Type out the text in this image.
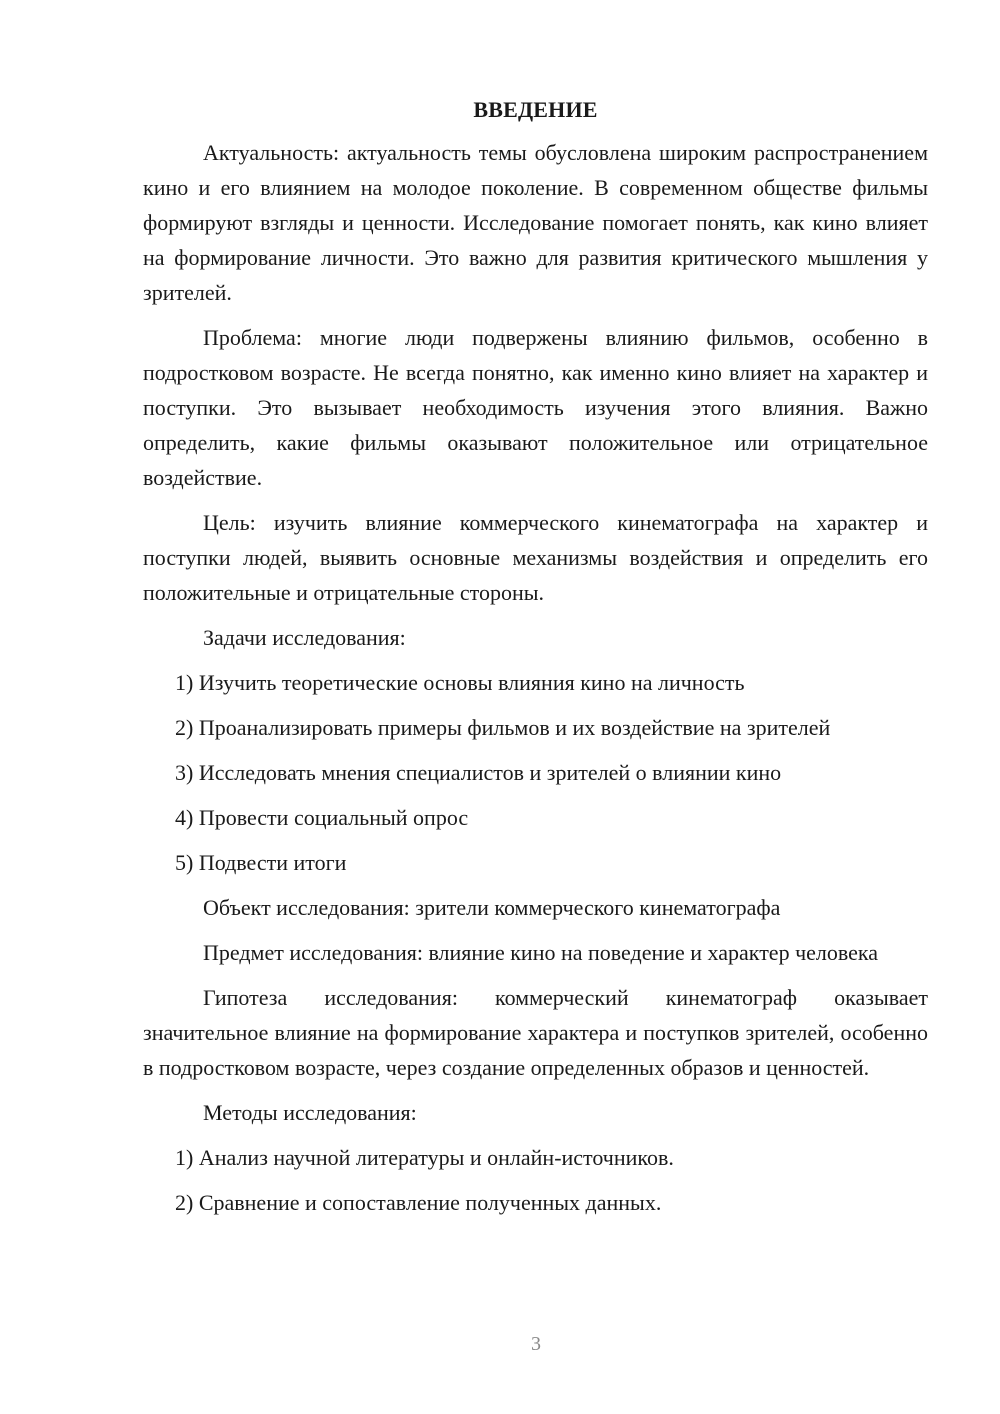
ВВЕДЕНИЕ

Актуальность: актуальность темы обусловлена широким распространением кино и его влиянием на молодое поколение. В современном обществе фильмы формируют взгляды и ценности. Исследование помогает понять, как кино влияет на формирование личности. Это важно для развития критического мышления у зрителей.

Проблема: многие люди подвержены влиянию фильмов, особенно в подростковом возрасте. Не всегда понятно, как именно кино влияет на характер и поступки. Это вызывает необходимость изучения этого влияния. Важно определить, какие фильмы оказывают положительное или отрицательное воздействие.

Цель: изучить влияние коммерческого кинематографа на характер и поступки людей, выявить основные механизмы воздействия и определить его положительные и отрицательные стороны.

Задачи исследования:
1) Изучить теоретические основы влияния кино на личность
2) Проанализировать примеры фильмов и их воздействие на зрителей
3) Исследовать мнения специалистов и зрителей о влиянии кино
4) Провести социальный опрос
5) Подвести итоги
Объект исследования: зрители коммерческого кинематографа

Предмет исследования: влияние кино на поведение и характер человека

Гипотеза исследования: коммерческий кинематограф оказывает значительное влияние на формирование характера и поступков зрителей, особенно в подростковом возрасте, через создание определенных образов и ценностей.

Методы исследования:
1) Анализ научной литературы и онлайн-источников.
2) Сравнение и сопоставление полученных данных.
3
